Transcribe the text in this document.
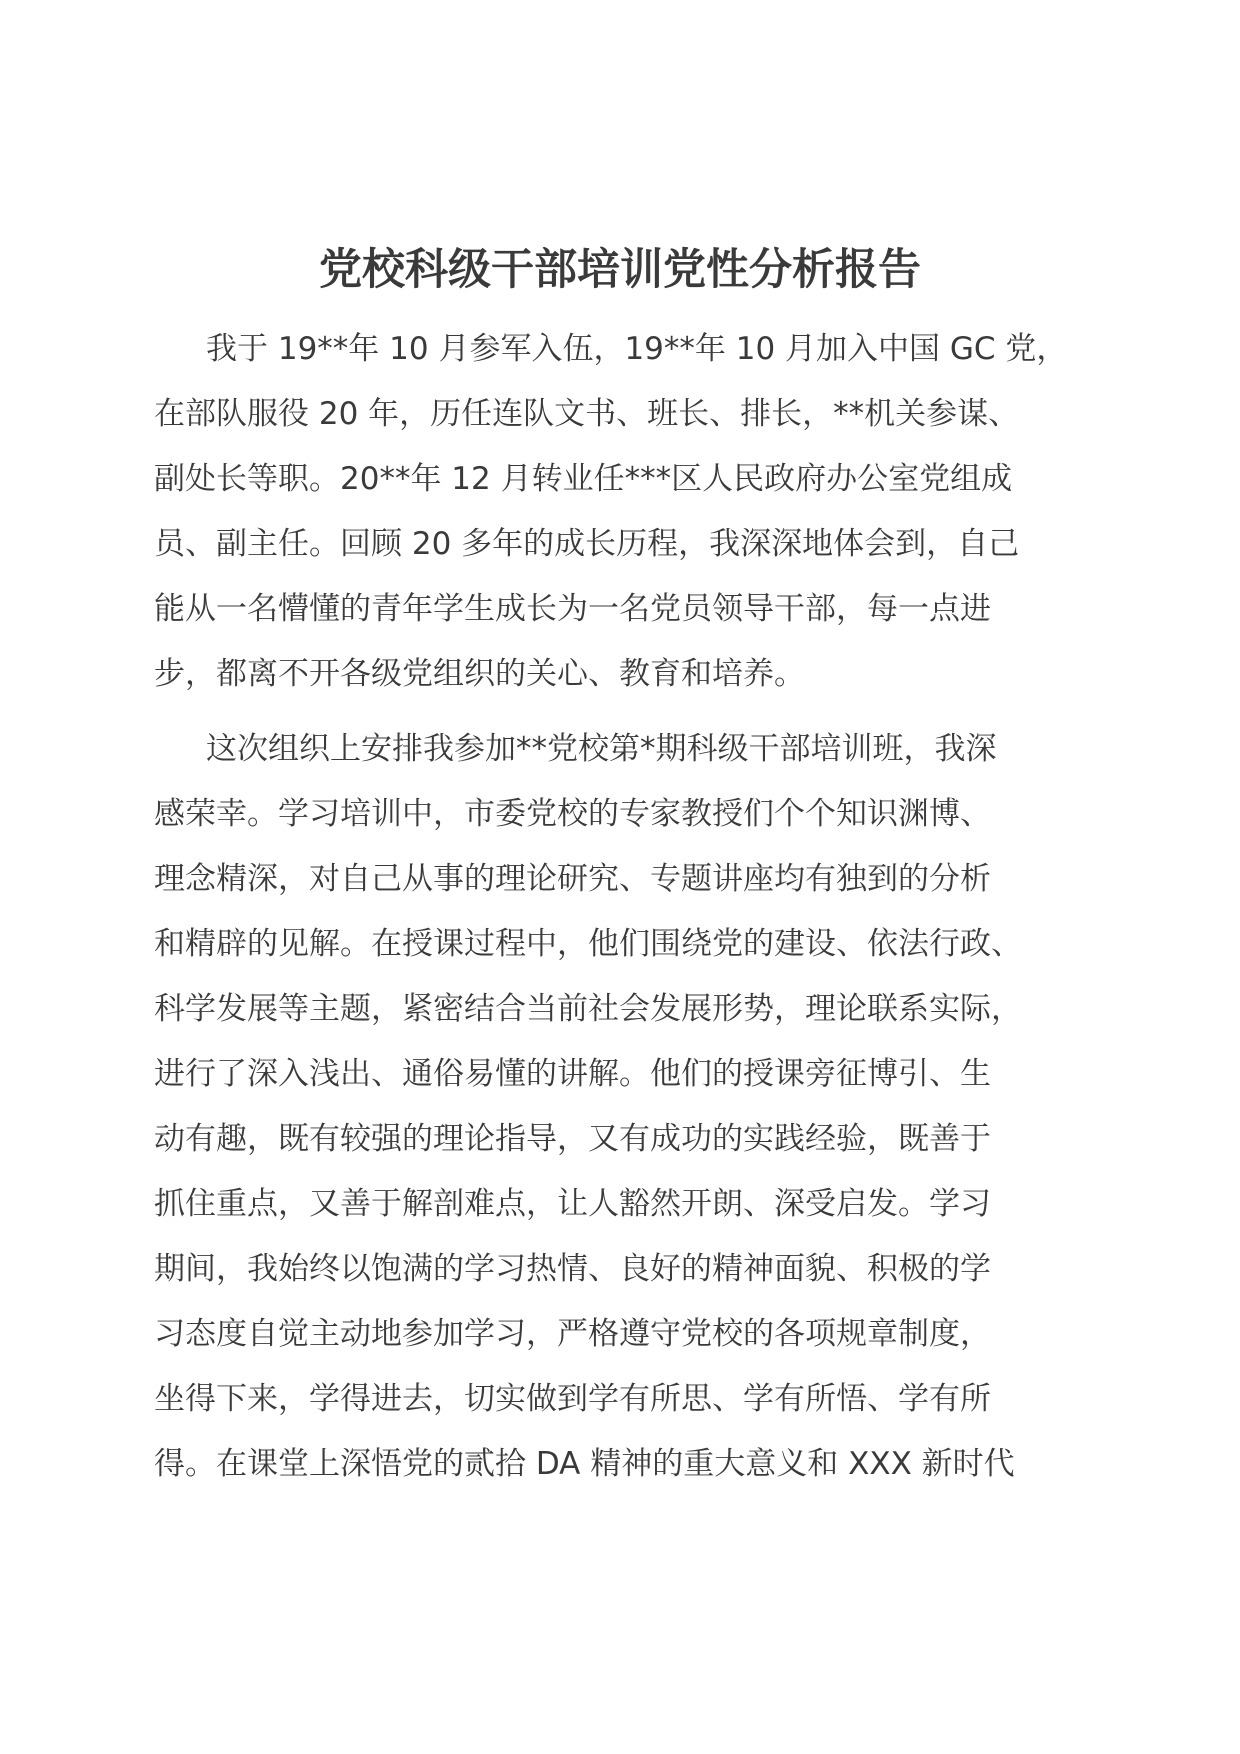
党校科级干部培训党性分析报告

我于 19**年 10 月参军入伍，19**年 10 月加入中国 GC 党，
在部队服役 20 年，历任连队文书、班长、排长，**机关参谋、
副处长等职。20**年 12 月转业任***区人民政府办公室党组成
员、副主任。回顾 20 多年的成长历程，我深深地体会到，自己
能从一名懵懂的青年学生成长为一名党员领导干部，每一点进
步，都离不开各级党组织的关心、教育和培养。

这次组织上安排我参加**党校第*期科级干部培训班，我深
感荣幸。学习培训中，市委党校的专家教授们个个知识渊博、
理念精深，对自己从事的理论研究、专题讲座均有独到的分析
和精辟的见解。在授课过程中，他们围绕党的建设、依法行政、
科学发展等主题，紧密结合当前社会发展形势，理论联系实际，
进行了深入浅出、通俗易懂的讲解。他们的授课旁征博引、生
动有趣，既有较强的理论指导，又有成功的实践经验，既善于
抓住重点，又善于解剖难点，让人豁然开朗、深受启发。学习
期间，我始终以饱满的学习热情、良好的精神面貌、积极的学
习态度自觉主动地参加学习，严格遵守党校的各项规章制度，
坐得下来，学得进去，切实做到学有所思、学有所悟、学有所
得。在课堂上深悟党的贰拾 DA 精神的重大意义和 XXX 新时代
